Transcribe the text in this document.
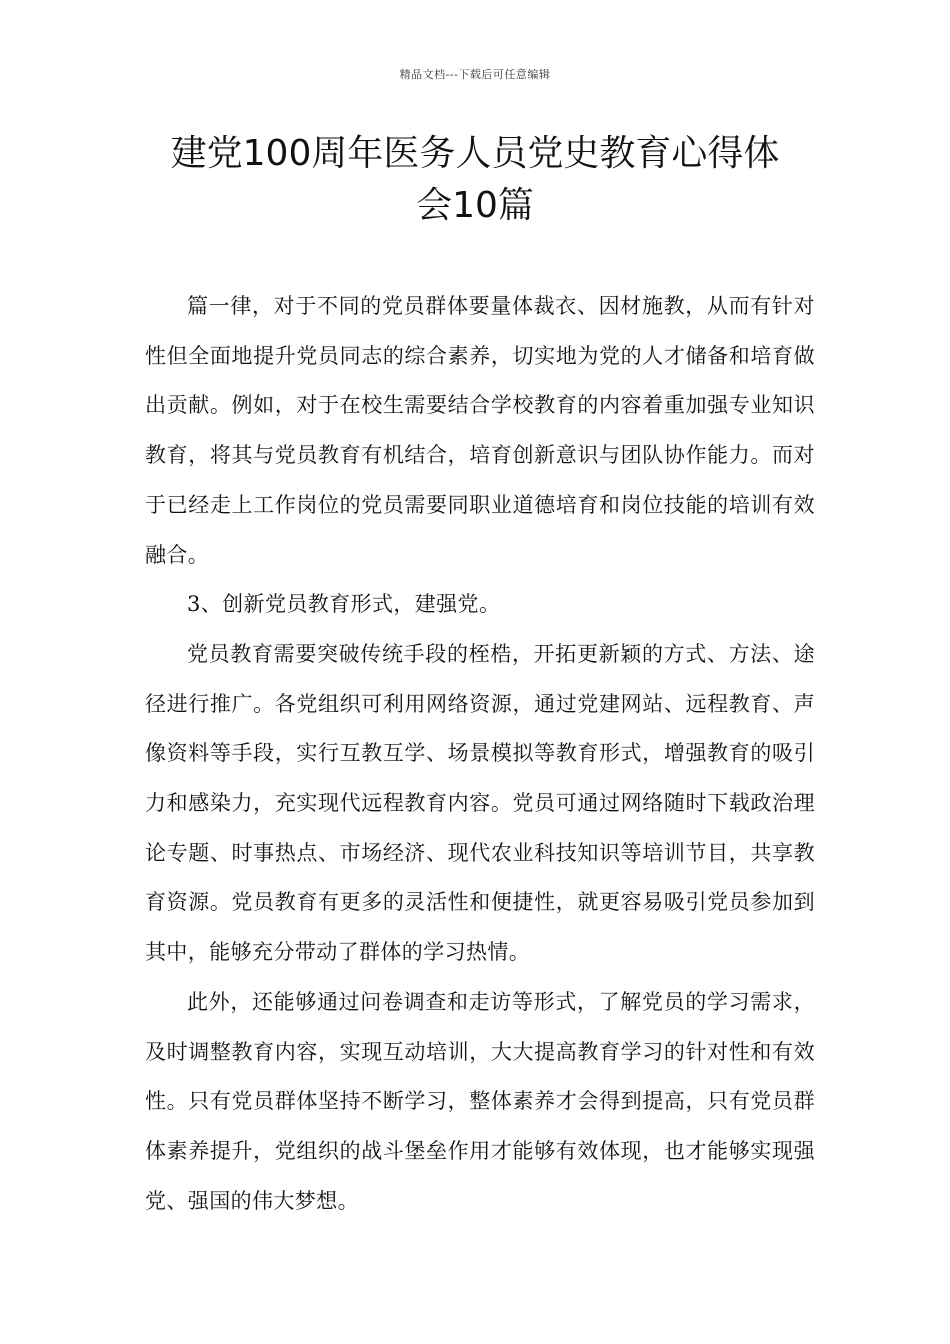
精品文档---下载后可任意编辑
建党100周年医务人员党史教育心得体
会10篇

篇一律，对于不同的党员群体要量体裁衣、因材施教，从而有针对性但全面地提升党员同志的综合素养，切实地为党的人才储备和培育做出贡献。例如，对于在校生需要结合学校教育的内容着重加强专业知识教育，将其与党员教育有机结合，培育创新意识与团队协作能力。而对于已经走上工作岗位的党员需要同职业道德培育和岗位技能的培训有效融合。

3、创新党员教育形式，建强党。

党员教育需要突破传统手段的桎梏，开拓更新颖的方式、方法、途径进行推广。各党组织可利用网络资源，通过党建网站、远程教育、声像资料等手段，实行互教互学、场景模拟等教育形式，增强教育的吸引力和感染力，充实现代远程教育内容。党员可通过网络随时下载政治理论专题、时事热点、市场经济、现代农业科技知识等培训节目，共享教育资源。党员教育有更多的灵活性和便捷性，就更容易吸引党员参加到其中，能够充分带动了群体的学习热情。

此外，还能够通过问卷调查和走访等形式，了解党员的学习需求，及时调整教育内容，实现互动培训，大大提高教育学习的针对性和有效性。只有党员群体坚持不断学习，整体素养才会得到提高，只有党员群体素养提升，党组织的战斗堡垒作用才能够有效体现，也才能够实现强党、强国的伟大梦想。
